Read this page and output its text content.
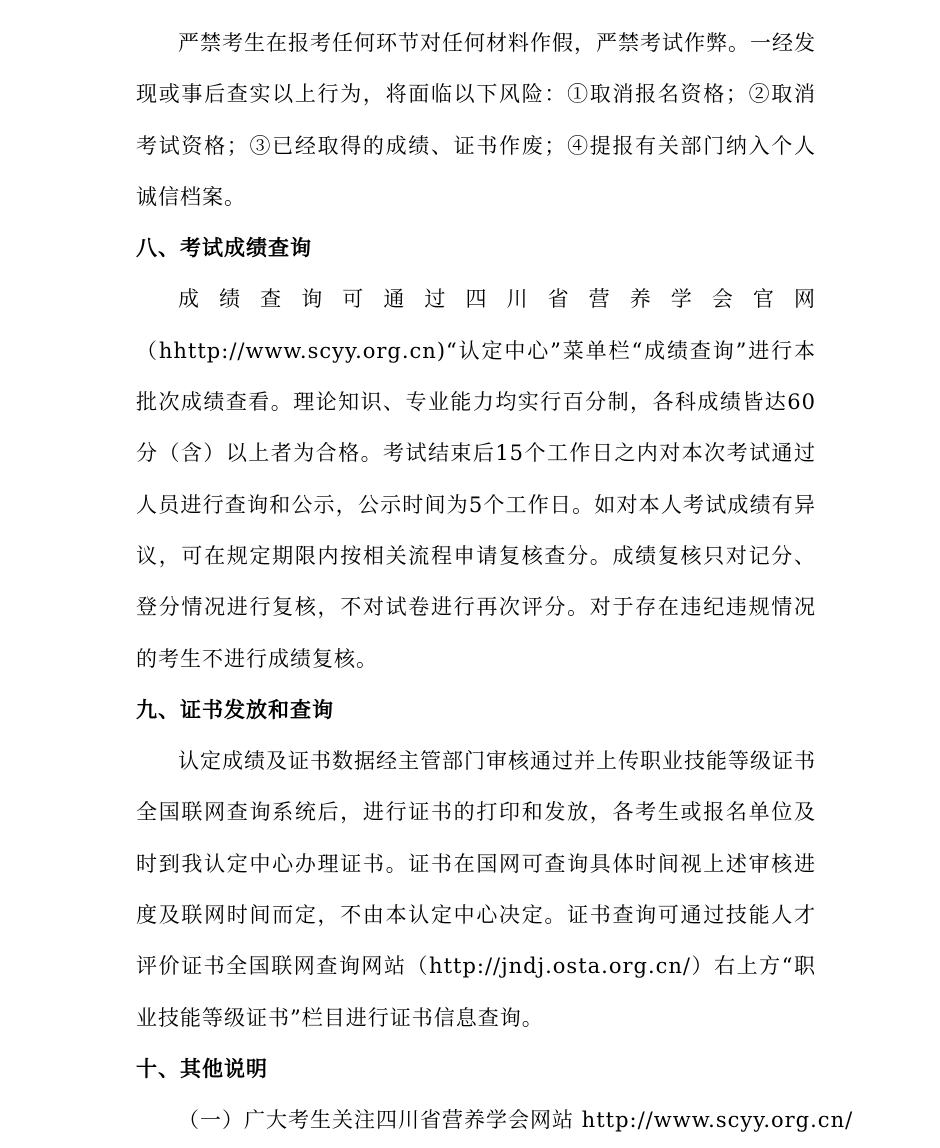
严禁考生在报考任何环节对任何材料作假，严禁考试作弊。一经发现或事后查实以上行为，将面临以下风险：①取消报名资格；②取消考试资格；③已经取得的成绩、证书作废；④提报有关部门纳入个人诚信档案。

八、考试成绩查询

成绩查询可通过四川省营养学会官网（hhttp://www.scyy.org.cn)“认定中心”菜单栏“成绩查询”进行本批次成绩查看。理论知识、专业能力均实行百分制，各科成绩皆达60分（含）以上者为合格。考试结束后15个工作日之内对本次考试通过人员进行查询和公示，公示时间为5个工作日。如对本人考试成绩有异议，可在规定期限内按相关流程申请复核查分。成绩复核只对记分、登分情况进行复核，不对试卷进行再次评分。对于存在违纪违规情况的考生不进行成绩复核。

九、证书发放和查询

认定成绩及证书数据经主管部门审核通过并上传职业技能等级证书全国联网查询系统后，进行证书的打印和发放，各考生或报名单位及时到我认定中心办理证书。证书在国网可查询具体时间视上述审核进度及联网时间而定，不由本认定中心决定。证书查询可通过技能人才评价证书全国联网查询网站（http://jndj.osta.org.cn/）右上方“职业技能等级证书”栏目进行证书信息查询。

十、其他说明

（一）广大考生关注四川省营养学会网站 http://www.scyy.org.cn/
